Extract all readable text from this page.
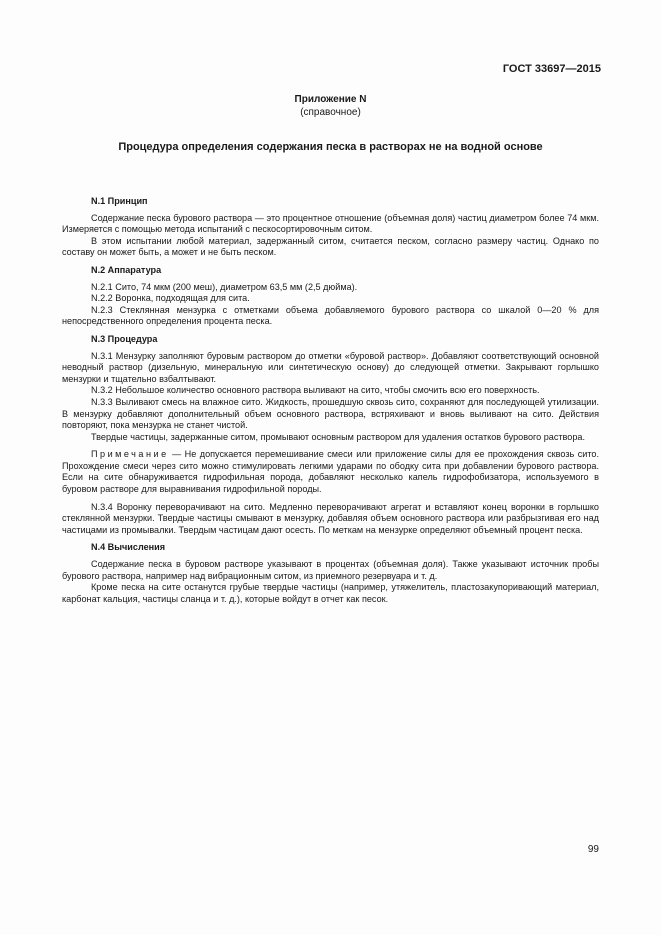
ГОСТ 33697—2015
Приложение N
(справочное)
Процедура определения содержания песка в растворах не на водной основе

N.1 Принцип

Содержание песка бурового раствора — это процентное отношение (объемная доля) частиц диаметром более 74 мкм. Измеряется с помощью метода испытаний с пескосортировочным ситом.

В этом испытании любой материал, задержанный ситом, считается песком, согласно размеру частиц. Однако по составу он может быть, а может и не быть песком.

N.2 Аппаратура

N.2.1 Сито, 74 мкм (200 меш), диаметром 63,5 мм (2,5 дюйма).

N.2.2 Воронка, подходящая для сита.

N.2.3 Стеклянная мензурка с отметками объема добавляемого бурового раствора со шкалой 0—20 % для непосредственного определения процента песка.

N.3 Процедура

N.3.1 Мензурку заполняют буровым раствором до отметки «буровой раствор». Добавляют соответствующий основной неводный раствор (дизельную, минеральную или синтетическую основу) до следующей отметки. Закрывают горлышко мензурки и тщательно взбалтывают.

N.3.2 Небольшое количество основного раствора выливают на сито, чтобы смочить всю его поверхность.

N.3.3 Выливают смесь на влажное сито. Жидкость, прошедшую сквозь сито, сохраняют для последующей утилизации. В мензурку добавляют дополнительный объем основного раствора, встряхивают и вновь выливают на сито. Действия повторяют, пока мензурка не станет чистой.

Твердые частицы, задержанные ситом, промывают основным раствором для удаления остатков бурового раствора.

Примечание — Не допускается перемешивание смеси или приложение силы для ее прохождения сквозь сито. Прохождение смеси через сито можно стимулировать легкими ударами по ободку сита при добавлении бурового раствора. Если на сите обнаруживается гидрофильная порода, добавляют несколько капель гидрофобизатора, используемого в буровом растворе для выравнивания гидрофильной породы.

N.3.4 Воронку переворачивают на сито. Медленно переворачивают агрегат и вставляют конец воронки в горлышко стеклянной мензурки. Твердые частицы смывают в мензурку, добавляя объем основного раствора или разбрызгивая его над частицами из промывалки. Твердым частицам дают осесть. По меткам на мензурке определяют объемный процент песка.

N.4 Вычисления

Содержание песка в буровом растворе указывают в процентах (объемная доля). Также указывают источник пробы бурового раствора, например над вибрационным ситом, из приемного резервуара и т. д.

Кроме песка на сите останутся грубые твердые частицы (например, утяжелитель, пластозакупоривающий материал, карбонат кальция, частицы сланца и т. д.), которые войдут в отчет как песок.

99
